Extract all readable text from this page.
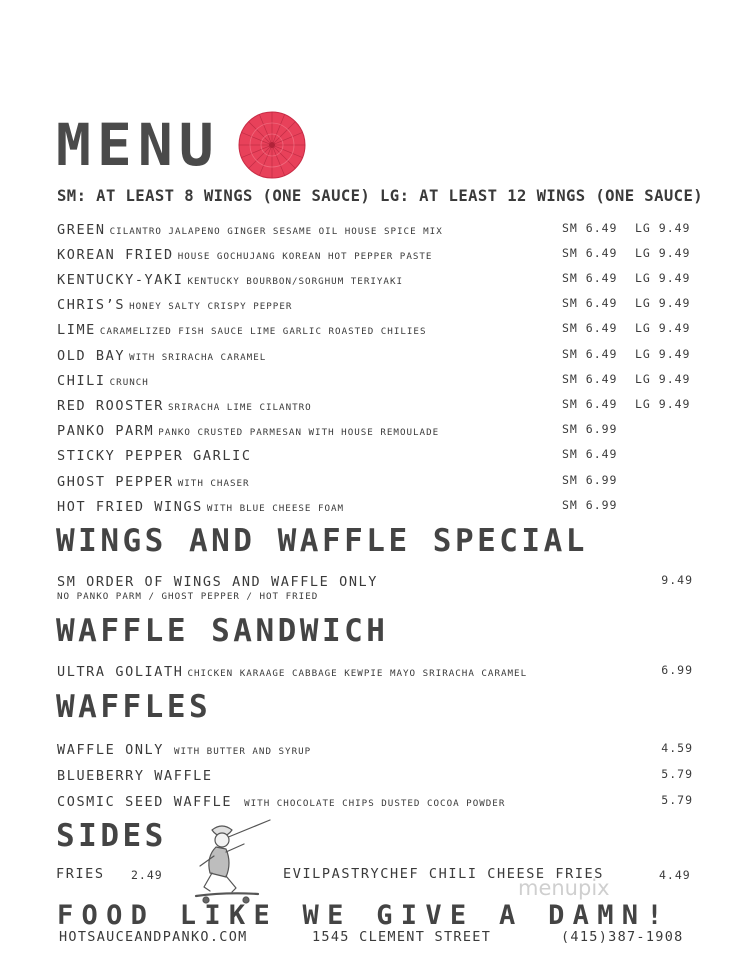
MENU
SM: AT LEAST 8 WINGS (ONE SAUCE) LG: AT LEAST 12 WINGS (ONE SAUCE)
GREEN CILANTRO JALAPENO GINGER SESAME OIL HOUSE SPICE MIX	SM 6.49 LG 9.49
KOREAN FRIED HOUSE GOCHUJANG KOREAN HOT PEPPER PASTE	SM 6.49 LG 9.49
KENTUCKY-YAKI KENTUCKY BOURBON/SORGHUM TERIYAKI	SM 6.49 LG 9.49
CHRIS’S HONEY SALTY CRISPY PEPPER	SM 6.49 LG 9.49
LIME CARAMELIZED FISH SAUCE LIME GARLIC ROASTED CHILIES	SM 6.49 LG 9.49
OLD BAY WITH SRIRACHA CARAMEL	SM 6.49 LG 9.49
CHILI CRUNCH	SM 6.49 LG 9.49
RED ROOSTER SRIRACHA LIME CILANTRO	SM 6.49 LG 9.49
PANKO PARM PANKO CRUSTED PARMESAN WITH HOUSE REMOULADE	SM 6.99
STICKY PEPPER GARLIC	SM 6.49
GHOST PEPPER WITH CHASER	SM 6.99
HOT FRIED WINGS WITH BLUE CHEESE FOAM	SM 6.99
WINGS AND WAFFLE SPECIAL
SM ORDER OF WINGS AND WAFFLE ONLY	9.49
NO PANKO PARM / GHOST PEPPER / HOT FRIED
WAFFLE SANDWICH
ULTRA GOLIATH CHICKEN KARAAGE CABBAGE KEWPIE MAYO SRIRACHA CARAMEL	6.99
WAFFLES
WAFFLE ONLY WITH BUTTER AND SYRUP	4.59
BLUEBERRY WAFFLE	5.79
COSMIC SEED WAFFLE WITH CHOCOLATE CHIPS DUSTED COCOA POWDER	5.79
SIDES
FRIES 2.49	EVILPASTRYCHEF CHILI CHEESE FRIES	4.49
menupix
FOOD LIKE WE GIVE A DAMN!
HOTSAUCEANDPANKO.COM	1545 CLEMENT STREET	(415)387-1908
